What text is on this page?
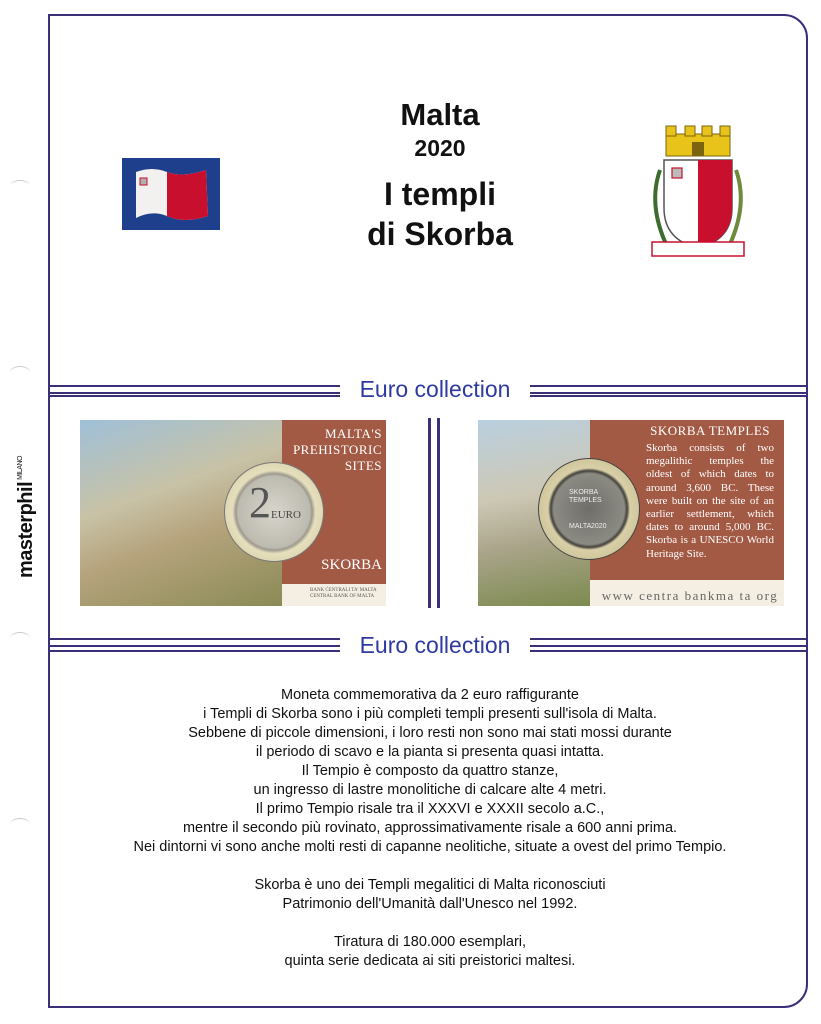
masterphil$^{MILANO}$
Euro collection
Euro collection
Malta
2020
I templi
di Skorba
MALTA'S
PREHISTORIC
SITES
2 EURO
SKORBA
BANK ĊENTRALI TA' MALTA
CENTRAL BANK OF MALTA
SKORBA TEMPLES
Skorba consists of two megalithic temples the oldest of which dates to around 3,600 BC. These were built on the site of an earlier settlement, which dates to around 5,000 BC. Skorba is a UNESCO World Heritage Site.
SKORBA
TEMPLES
MALTA 2020
www centra bankma ta org

Moneta commemorativa da 2 euro raffigurante

i Templi di Skorba sono i più completi templi presenti sull'isola di Malta.

Sebbene di piccole dimensioni, i loro resti non sono mai stati mossi durante

il periodo di scavo e la pianta si presenta quasi intatta.

Il Tempio è composto da quattro stanze,

un ingresso di lastre monolitiche di calcare alte 4 metri.

Il primo Tempio risale tra il XXXVI e XXXII secolo a.C.,

mentre il secondo più rovinato, approssimativamente risale a 600 anni prima.

Nei dintorni vi sono anche molti resti di capanne neolitiche, situate a ovest del primo Tempio.

Skorba è uno dei Templi megalitici di Malta riconosciuti

Patrimonio dell'Umanità dall'Unesco nel 1992.

Tiratura di 180.000 esemplari,

quinta serie dedicata ai siti preistorici maltesi.
